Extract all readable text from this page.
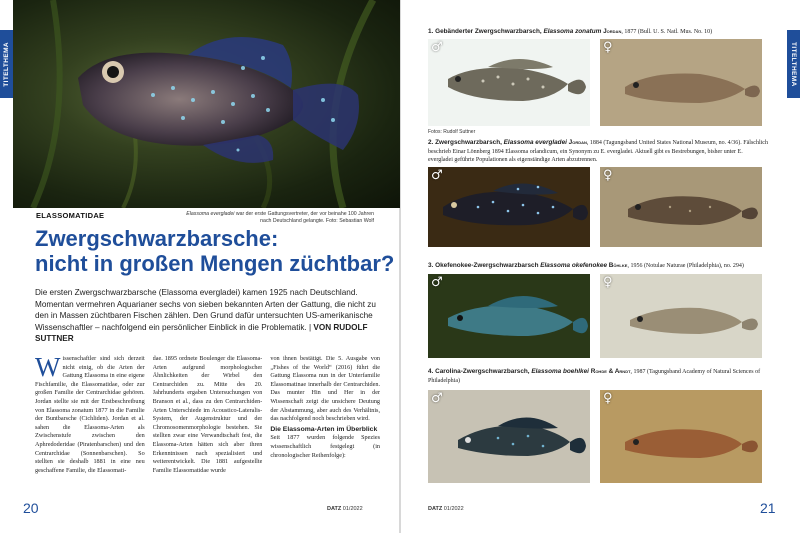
TITELTHEMA
ELASSOMATIDAE	Elassoma evergladei war der erste Gattungsvertreter, der vor beinahe 100 Jahren nach Deutschland gelangte. Foto: Sebastian Wolf
Zwergschwarzbarsche:
nicht in großen Mengen züchtbar?

Die ersten Zwergschwarzbarsche (Elassoma evergladei) kamen 1925 nach Deutschland. Momentan vermehren Aquarianer sechs von sieben bekannten Arten der Gattung, die nicht zu den in Massen züchtbaren Fischen zählen. Den Grund dafür untersuchten US-amerikanische Wissenschaftler – nachfolgend ein persönlicher Einblick in die Problematik. | VON RUDOLF SUTTNER

Wissenschaftler sind sich derzeit nicht einig, ob die Arten der Gattung Elassoma in eine eigene Fischfamilie, die Elassomatidae, oder zur großen Familie der Centrarchidae gehören. Jordan stellte sie mit der Erstbeschreibung von Elassoma zonatum 1877 in die Familie der Buntbarsche (Cichliden). Jordan et al. sahen die Elassoma-Arten als Zwischenstufe zwischen den Aphredoderidae (Piratenbarschen) und den Centrarchidae (Sonnenbarschen). So stellten sie deshalb 1881 in eine neu geschaffene Familie, die Elassomati-
dae. 1895 ordnete Boulenger die Elassoma-Arten aufgrund morphologischer Ähnlichkeiten der Wirbel den Centrarchiden zu. Mitte des 20. Jahrhunderts ergaben Untersuchungen von Branson et al., dass zu den Centrarchiden-Arten Unterschiede im Acoustico-Lateralis-System, der Augenstruktur und der Chromosomenmorphologie bestehen. Sie stellten zwar eine Verwandtschaft fest, die Elassoma-Arten hätten sich aber ihren Erkenntnissen nach spezialisiert und weiterentwickelt. Die 1881 aufgestellte Familie Elassomatidae wurde
von ihnen bestätigt. Die 5. Ausgabe von „Fishes of the World“ (2016) führt die Gattung Elassoma nun in der Unterfamilie Elassomatinae innerhalb der Centrarchiden. Das munter Hin und Her in der Wissenschaft zeigt die unsichere Deutung der Abstammung, aber auch des Verhältnis, das nachfolgend noch beschrieben wird.
Die Elassoma-Arten im Überblick
Seit 1877 wurden folgende Spezies wissenschaftlich festgelegt (in chronologischer Reihenfolge):
20	DATZ 01/2022
TITELTHEMA
1. Gebänderter Zwergschwarzbarsch, Elassoma zonatum Jordan, 1877 (Bull. U. S. Natl. Mus. No. 10)
♂	♀
Fotos: Rudolf Suttner
2. Zwergschwarzbarsch, Elassoma evergladei Jordan, 1884 (Tagungsband United States National Museum, no. 4/36). Fälschlich beschrieb Einar Lönnberg 1894 Elassoma orlandicum, ein Synonym zu E. evergladei. Aktuell gibt es Bestrebungen, bisher unter E. evergladei geführte Populationen als eigenständige Arten abzutrennen.
♂	♀
3. Okefenokee-Zwergschwarzbarsch Elassoma okefenokee Böhlke, 1956 (Notulae Naturae (Philadelphia), no. 294)
♂	♀
4. Carolina-Zwergschwarzbarsch, Elassoma boehlkei Rohde & Arndt, 1987 (Tagungsband Academy of Natural Sciences of Philadelphia)
♂	♀
DATZ 01/2022	21
